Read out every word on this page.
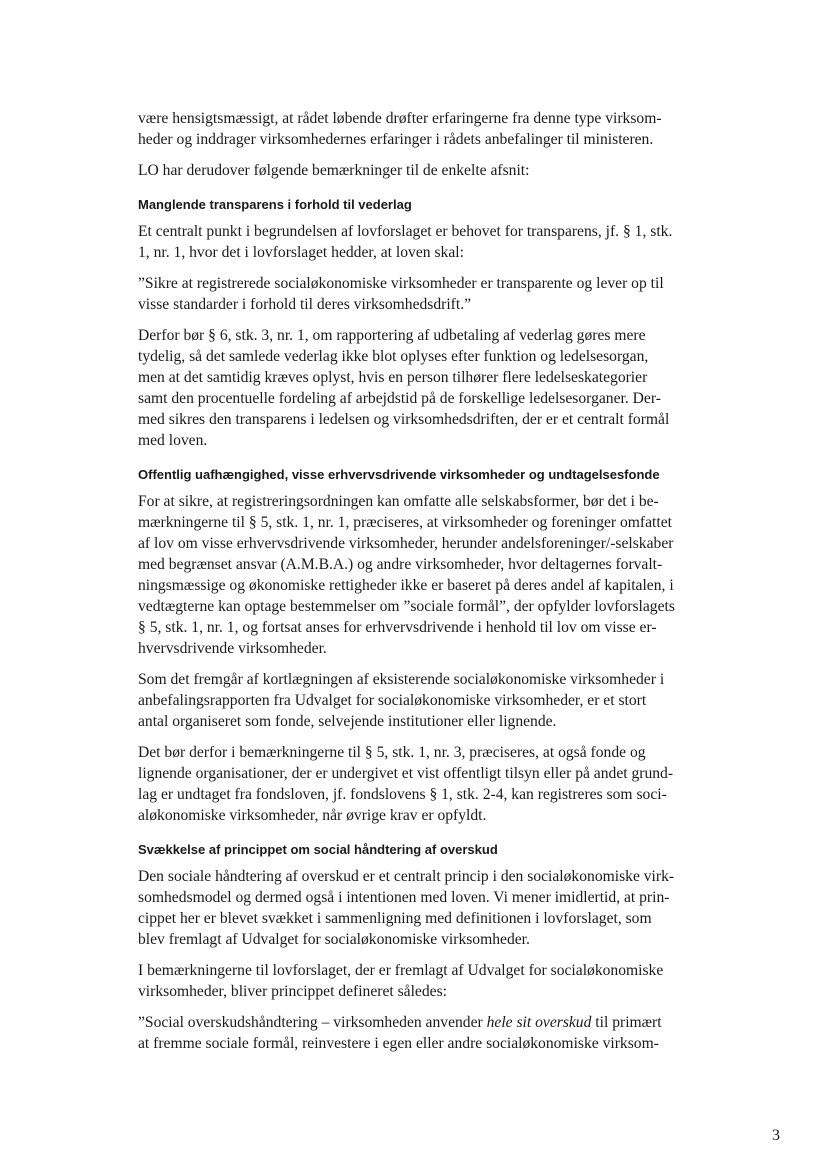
være hensigtsmæssigt, at rådet løbende drøfter erfaringerne fra denne type virksom-
heder og inddrager virksomhedernes erfaringer i rådets anbefalinger til ministeren.

LO har derudover følgende bemærkninger til de enkelte afsnit:

Manglende transparens i forhold til vederlag

Et centralt punkt i begrundelsen af lovforslaget er behovet for transparens, jf. § 1, stk.
1, nr. 1, hvor det i lovforslaget hedder, at loven skal:

”Sikre at registrerede socialøkonomiske virksomheder er transparente og lever op til
visse standarder i forhold til deres virksomhedsdrift.”

Derfor bør § 6, stk. 3, nr. 1, om rapportering af udbetaling af vederlag gøres mere
tydelig, så det samlede vederlag ikke blot oplyses efter funktion og ledelsesorgan,
men at det samtidig kræves oplyst, hvis en person tilhører flere ledelseskategorier
samt den procentuelle fordeling af arbejdstid på de forskellige ledelsesorganer. Der-
med sikres den transparens i ledelsen og virksomhedsdriften, der er et centralt formål
med loven.

Offentlig uafhængighed, visse erhvervsdrivende virksomheder og undtagelsesfonde

For at sikre, at registreringsordningen kan omfatte alle selskabsformer, bør det i be-
mærkningerne til § 5, stk. 1, nr. 1, præciseres, at virksomheder og foreninger omfattet
af lov om visse erhvervsdrivende virksomheder, herunder andelsforeninger/-selskaber
med begrænset ansvar (A.M.B.A.) og andre virksomheder, hvor deltagernes forvalt-
ningsmæssige og økonomiske rettigheder ikke er baseret på deres andel af kapitalen, i
vedtægterne kan optage bestemmelser om ”sociale formål”, der opfylder lovforslagets
§ 5, stk. 1, nr. 1, og fortsat anses for erhvervsdrivende i henhold til lov om visse er-
hvervsdrivende virksomheder.

Som det fremgår af kortlægningen af eksisterende socialøkonomiske virksomheder i
anbefalingsrapporten fra Udvalget for socialøkonomiske virksomheder, er et stort
antal organiseret som fonde, selvejende institutioner eller lignende.

Det bør derfor i bemærkningerne til § 5, stk. 1, nr. 3, præciseres, at også fonde og
lignende organisationer, der er undergivet et vist offentligt tilsyn eller på andet grund-
lag er undtaget fra fondsloven, jf. fondslovens § 1, stk. 2-4, kan registreres som soci-
aløkonomiske virksomheder, når øvrige krav er opfyldt.

Svækkelse af princippet om social håndtering af overskud

Den sociale håndtering af overskud er et centralt princip i den socialøkonomiske virk-
somhedsmodel og dermed også i intentionen med loven. Vi mener imidlertid, at prin-
cippet her er blevet svækket i sammenligning med definitionen i lovforslaget, som
blev fremlagt af Udvalget for socialøkonomiske virksomheder.

I bemærkningerne til lovforslaget, der er fremlagt af Udvalget for socialøkonomiske
virksomheder, bliver princippet defineret således:

”Social overskudshåndtering – virksomheden anvender hele sit overskud til primært
at fremme sociale formål, reinvestere i egen eller andre socialøkonomiske virksom-

3
